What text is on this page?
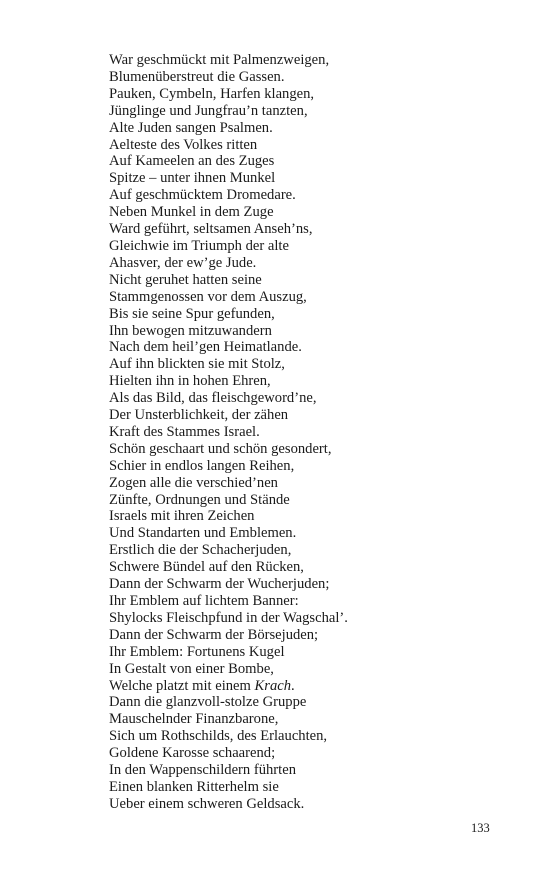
War geschmückt mit Palmenzweigen,
Blumenüberstreut die Gassen.
Pauken, Cymbeln, Harfen klangen,
Jünglinge und Jungfrau’n tanzten,
Alte Juden sangen Psalmen.
Aelteste des Volkes ritten
Auf Kameelen an des Zuges
Spitze – unter ihnen Munkel
Auf geschmücktem Dromedare.
Neben Munkel in dem Zuge
Ward geführt, seltsamen Anseh’ns,
Gleichwie im Triumph der alte
Ahasver, der ew’ge Jude.
Nicht geruhet hatten seine
Stammgenossen vor dem Auszug,
Bis sie seine Spur gefunden,
Ihn bewogen mitzuwandern
Nach dem heil’gen Heimatlande.
Auf ihn blickten sie mit Stolz,
Hielten ihn in hohen Ehren,
Als das Bild, das fleischgeword’ne,
Der Unsterblichkeit, der zähen
Kraft des Stammes Israel.
Schön geschaart und schön gesondert,
Schier in endlos langen Reihen,
Zogen alle die verschied’nen
Zünfte, Ordnungen und Stände
Israels mit ihren Zeichen
Und Standarten und Emblemen.
Erstlich die der Schacherjuden,
Schwere Bündel auf den Rücken,
Dann der Schwarm der Wucherjuden;
Ihr Emblem auf lichtem Banner:
Shylocks Fleischpfund in der Wagschal’.
Dann der Schwarm der Börsejuden;
Ihr Emblem: Fortunens Kugel
In Gestalt von einer Bombe,
Welche platzt mit einem Krach.
Dann die glanzvoll-stolze Gruppe
Mauschelnder Finanzbarone,
Sich um Rothschilds, des Erlauchten,
Goldene Karosse schaarend;
In den Wappenschildern führten
Einen blanken Ritterhelm sie
Ueber einem schweren Geldsack.
133
